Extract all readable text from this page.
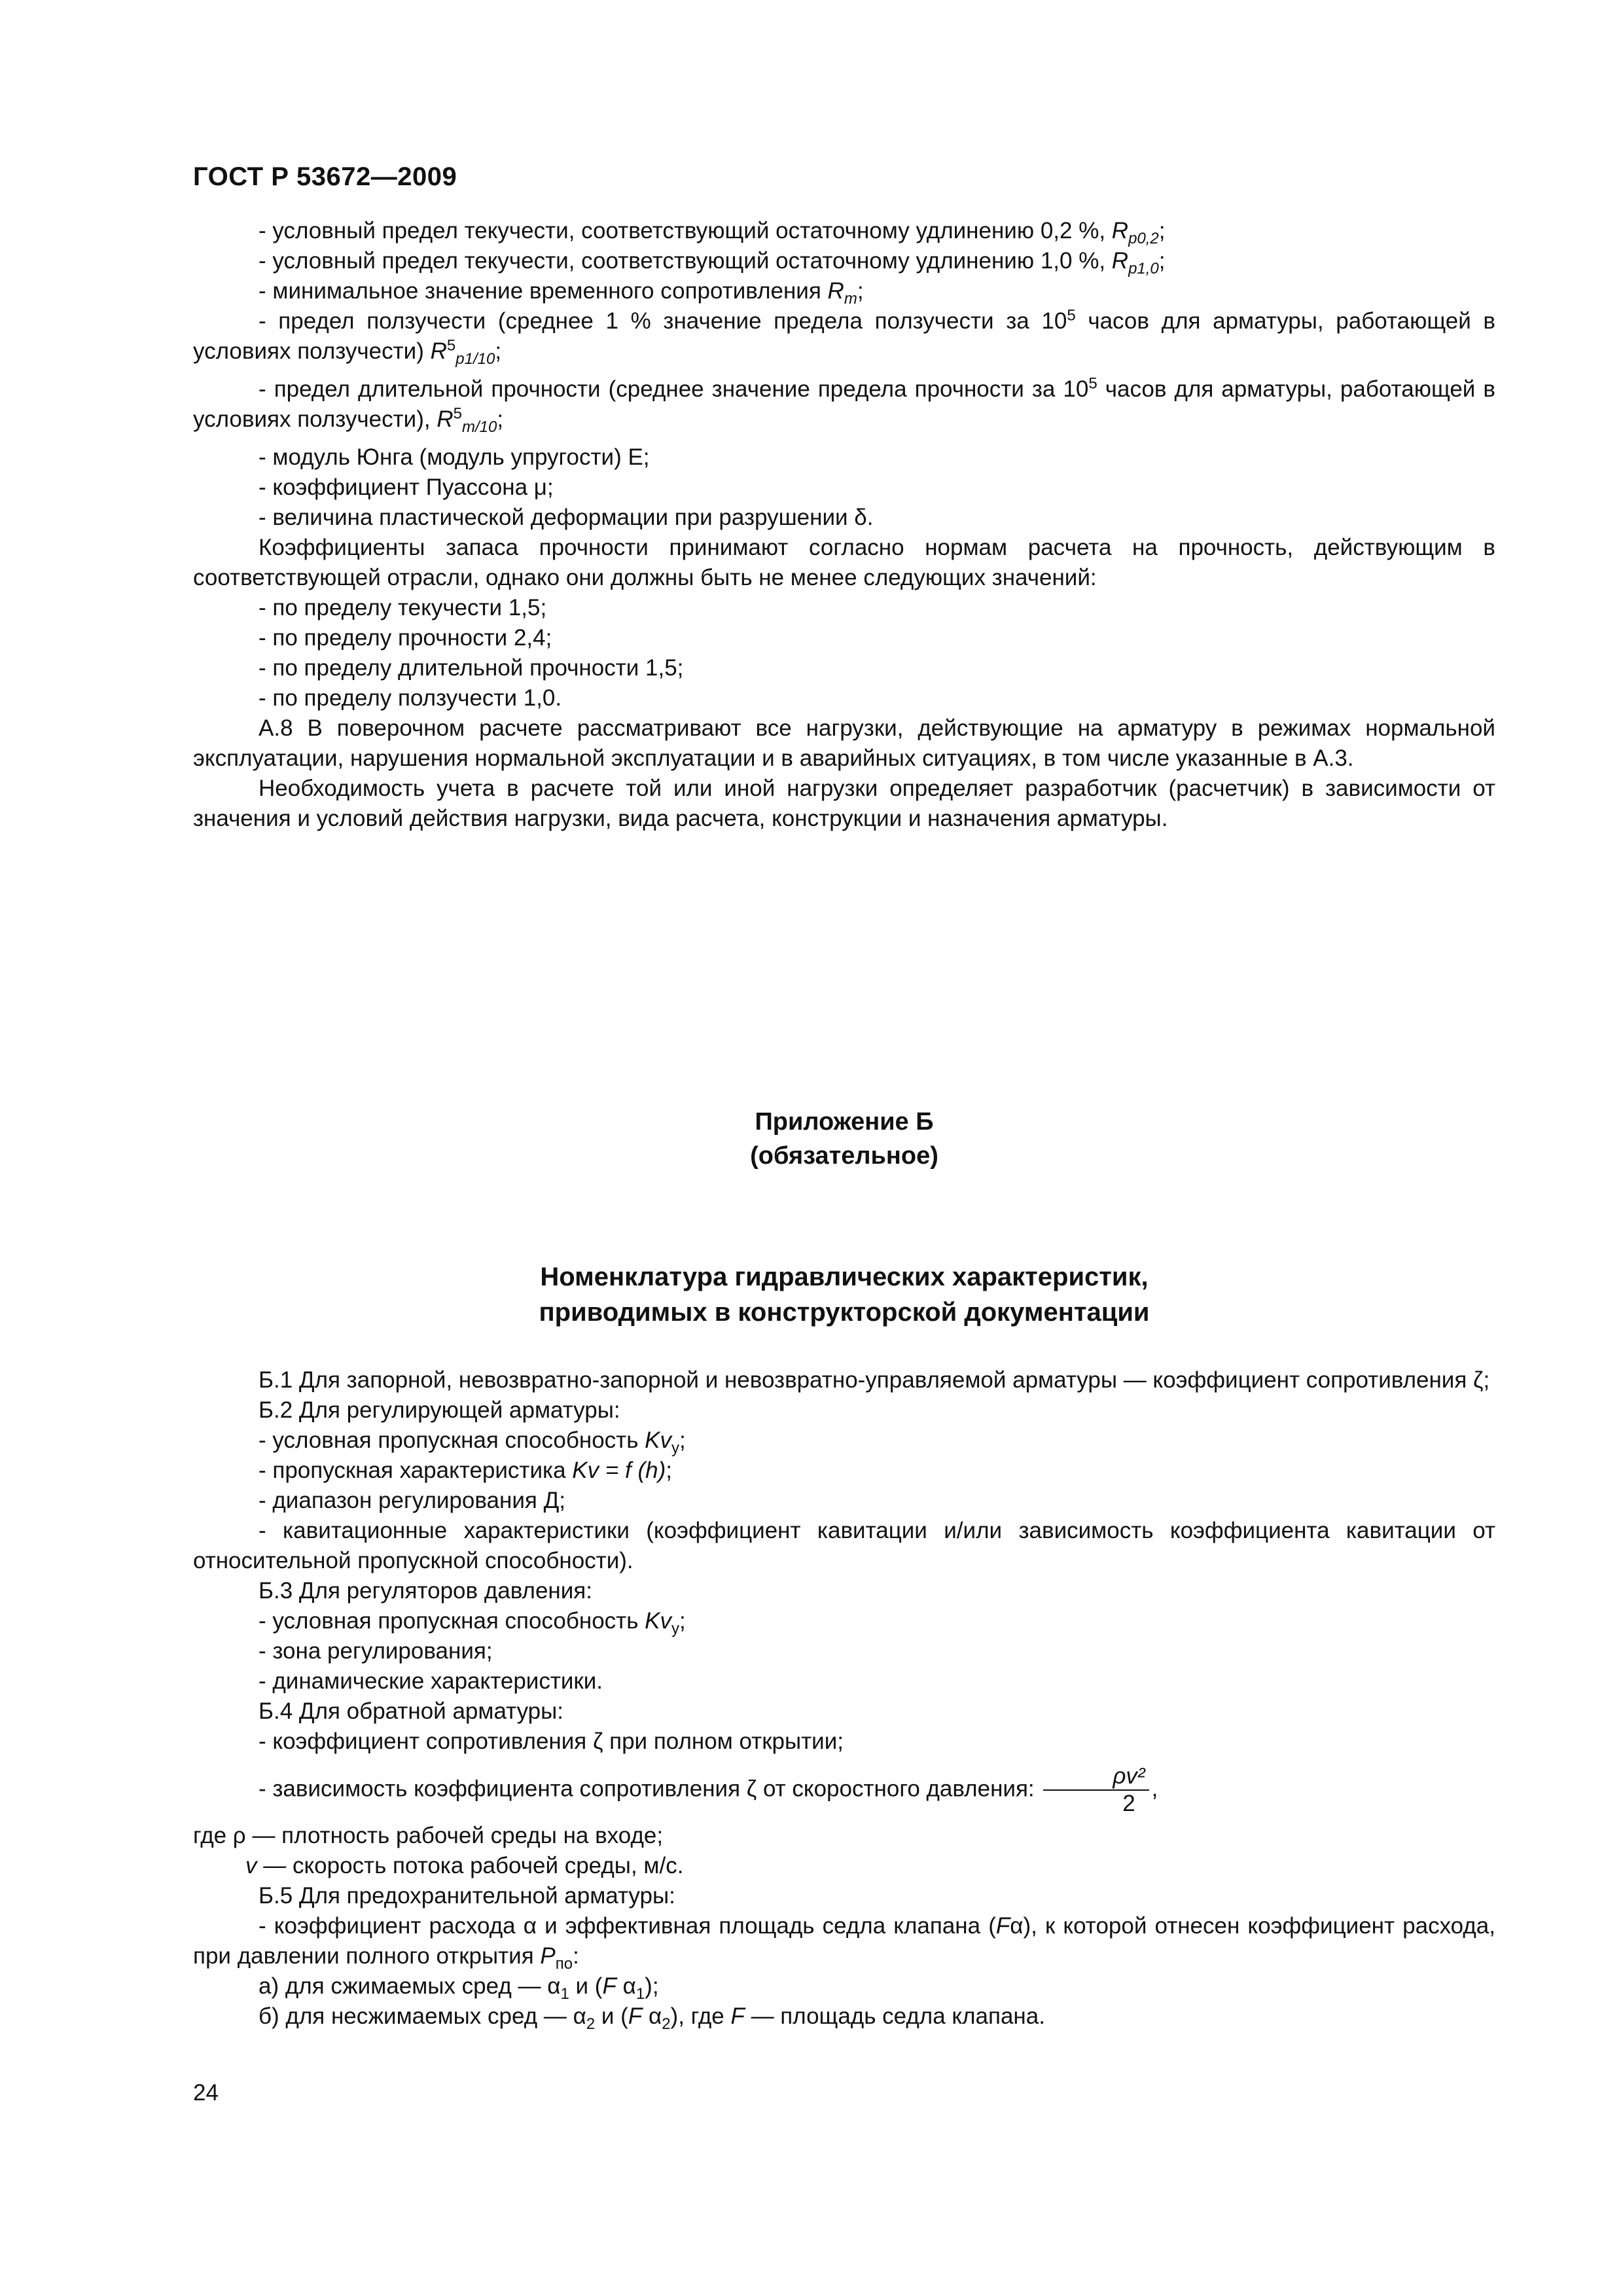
ГОСТ Р 53672—2009

- условный предел текучести, соответствующий остаточному удлинению 0,2 %, $R_{p0,2}$;

- условный предел текучести, соответствующий остаточному удлинению 1,0 %, $R_{p1,0}$;

- минимальное значение временного сопротивления $R_m$;

- предел ползучести (среднее 1 % значение предела ползучести за $10^5$ часов для арматуры, работающей в условиях ползучести) $R^5_{p1/10}$;

- предел длительной прочности (среднее значение предела прочности за $10^5$ часов для арматуры, работающей в условиях ползучести), $R^5_{m/10}$;

- модуль Юнга (модуль упругости) Е;

- коэффициент Пуассона μ;

- величина пластической деформации при разрушении δ.

Коэффициенты запаса прочности принимают согласно нормам расчета на прочность, действующим в соответствующей отрасли, однако они должны быть не менее следующих значений:

- по пределу текучести 1,5;

- по пределу прочности 2,4;

- по пределу длительной прочности 1,5;

- по пределу ползучести 1,0.

А.8 В поверочном расчете рассматривают все нагрузки, действующие на арматуру в режимах нормальной эксплуатации, нарушения нормальной эксплуатации и в аварийных ситуациях, в том числе указанные в А.3.

Необходимость учета в расчете той или иной нагрузки определяет разработчик (расчетчик) в зависимости от значения и условий действия нагрузки, вида расчета, конструкции и назначения арматуры.

Приложение Б
(обязательное)
Номенклатура гидравлических характеристик,
приводимых в конструкторской документации

Б.1 Для запорной, невозвратно-запорной и невозвратно-управляемой арматуры — коэффициент сопротивления ζ;

Б.2 Для регулирующей арматуры:

- условная пропускная способность $Kv_y$;

- пропускная характеристика Kv = f (h);

- диапазон регулирования Д;

- кавитационные характеристики (коэффициент кавитации и/или зависимость коэффициента кавитации от относительной пропускной способности).

Б.3 Для регуляторов давления:

- условная пропускная способность $Kv_y$;

- зона регулирования;

- динамические характеристики.

Б.4 Для обратной арматуры:

- коэффициент сопротивления ζ при полном открытии;

- зависимость коэффициента сопротивления ζ от скоростного давления: $\frac{\text{ρv²}}{2}$ ,

где ρ — плотность рабочей среды на входе;

v — скорость потока рабочей среды, м/с.

Б.5 Для предохранительной арматуры:

- коэффициент расхода α и эффективная площадь седла клапана (Fα), к которой отнесен коэффициент расхода, при давлении полного открытия $P_{по}$:

а) для сжимаемых сред — $\alpha_1$ и (F $\alpha_1$);

б) для несжимаемых сред — $\alpha_2$ и (F $\alpha_2$), где F — площадь седла клапана.

24
